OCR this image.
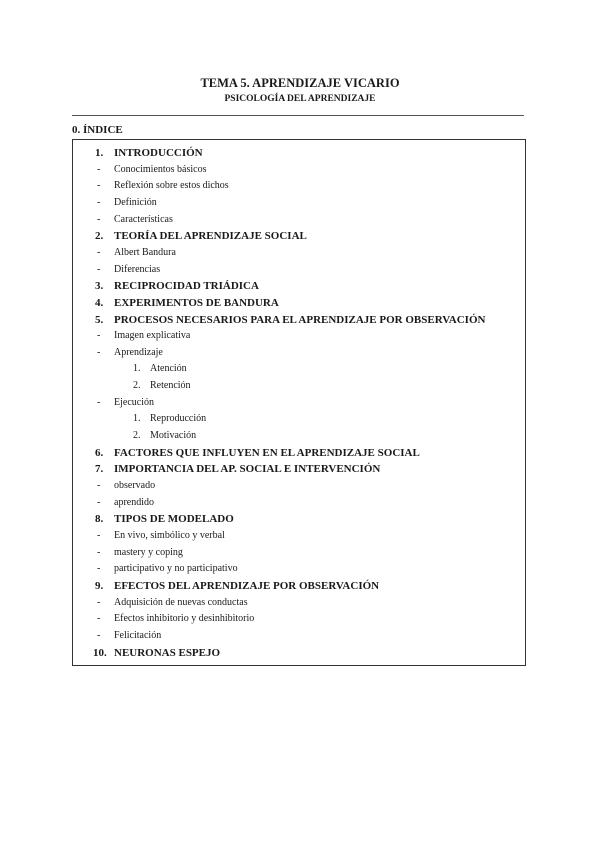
TEMA 5. APRENDIZAJE VICARIO
PSICOLOGÍA DEL APRENDIZAJE
0. ÍNDICE
1. INTRODUCCIÓN
- Conocimientos básicos
- Reflexión sobre estos dichos
- Definición
- Características
2. TEORÍA DEL APRENDIZAJE SOCIAL
- Albert Bandura
- Diferencias
3. RECIPROCIDAD TRIÁDICA
4. EXPERIMENTOS DE BANDURA
5. PROCESOS NECESARIOS PARA EL APRENDIZAJE POR OBSERVACIÓN
- Imagen explicativa
- Aprendizaje
1. Atención
2. Retención
- Ejecución
1. Reproducción
2. Motivación
6. FACTORES QUE INFLUYEN EN EL APRENDIZAJE SOCIAL
7. IMPORTANCIA DEL AP. SOCIAL E INTERVENCIÓN
- observado
- aprendido
8. TIPOS DE MODELADO
- En vivo, simbólico y verbal
- mastery y coping
- participativo y no participativo
9. EFECTOS DEL APRENDIZAJE POR OBSERVACIÓN
- Adquisición de nuevas conductas
- Efectos inhibitorio y desinhibitorio
- Felicitación
10. NEURONAS ESPEJO
